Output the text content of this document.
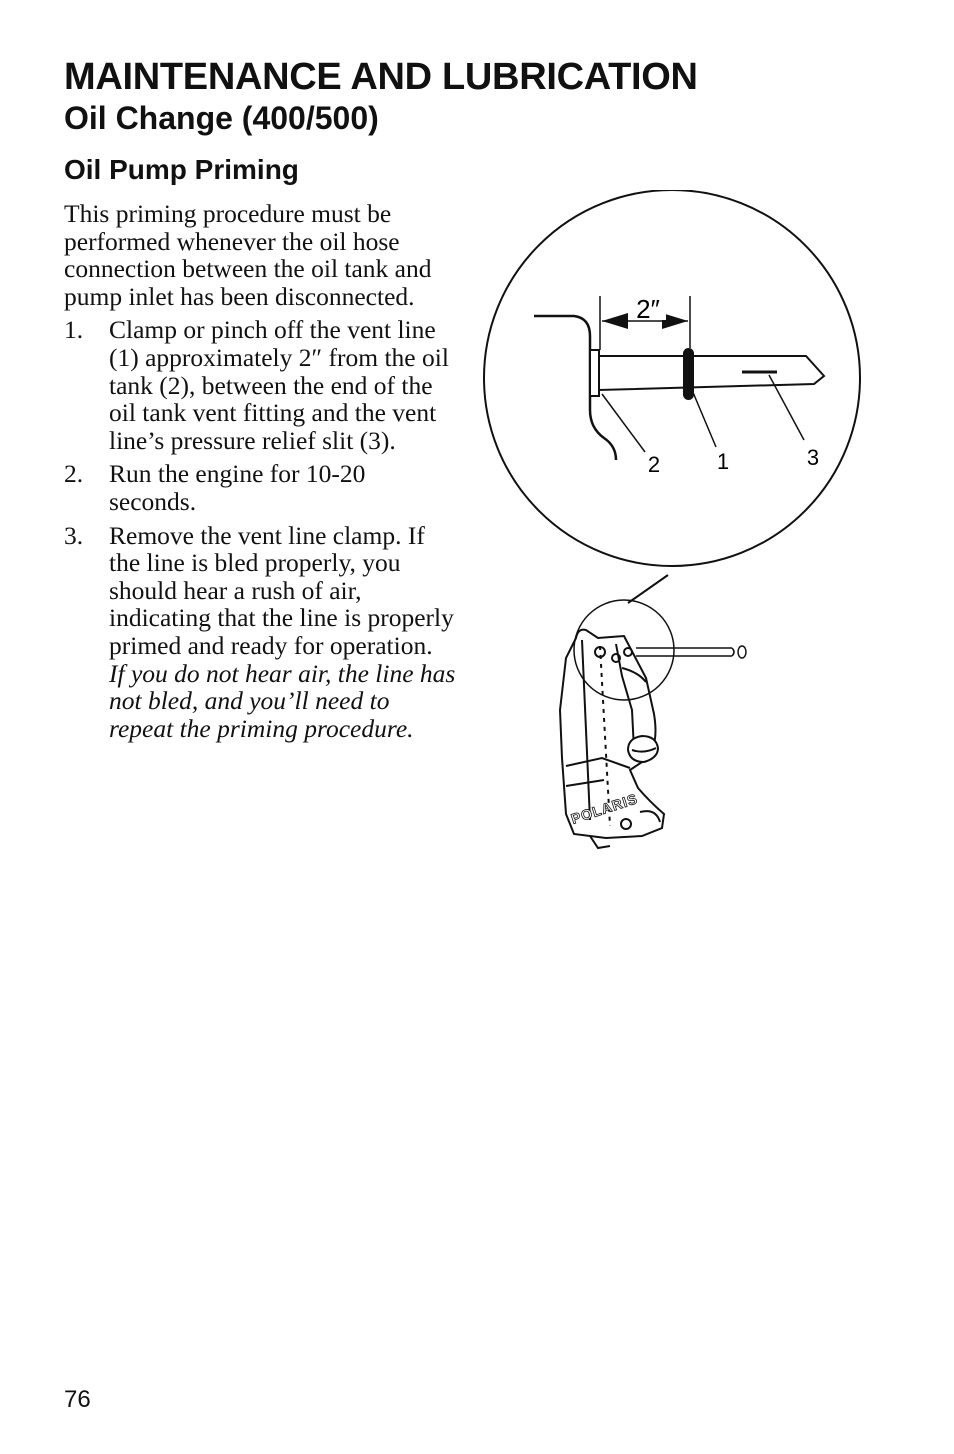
MAINTENANCE AND LUBRICATION
Oil Change (400/500)
Oil Pump Priming

This priming procedure must be performed whenever the oil hose connection between the oil tank and pump inlet has been disconnected.

1. Clamp or pinch off the vent line (1) approximately 2″ from the oil tank (2), between the end of the oil tank vent fitting and the vent line’s pressure relief slit (3).
2. Run the engine for 10-20 seconds.
3. Remove the vent line clamp. If the line is bled properly, you should hear a rush of air, indicating that the line is properly primed and ready for operation.  If you do not hear air, the line has not bled, and you’ll need to repeat the priming procedure.
2″
2	1	3
POLARIS
76
